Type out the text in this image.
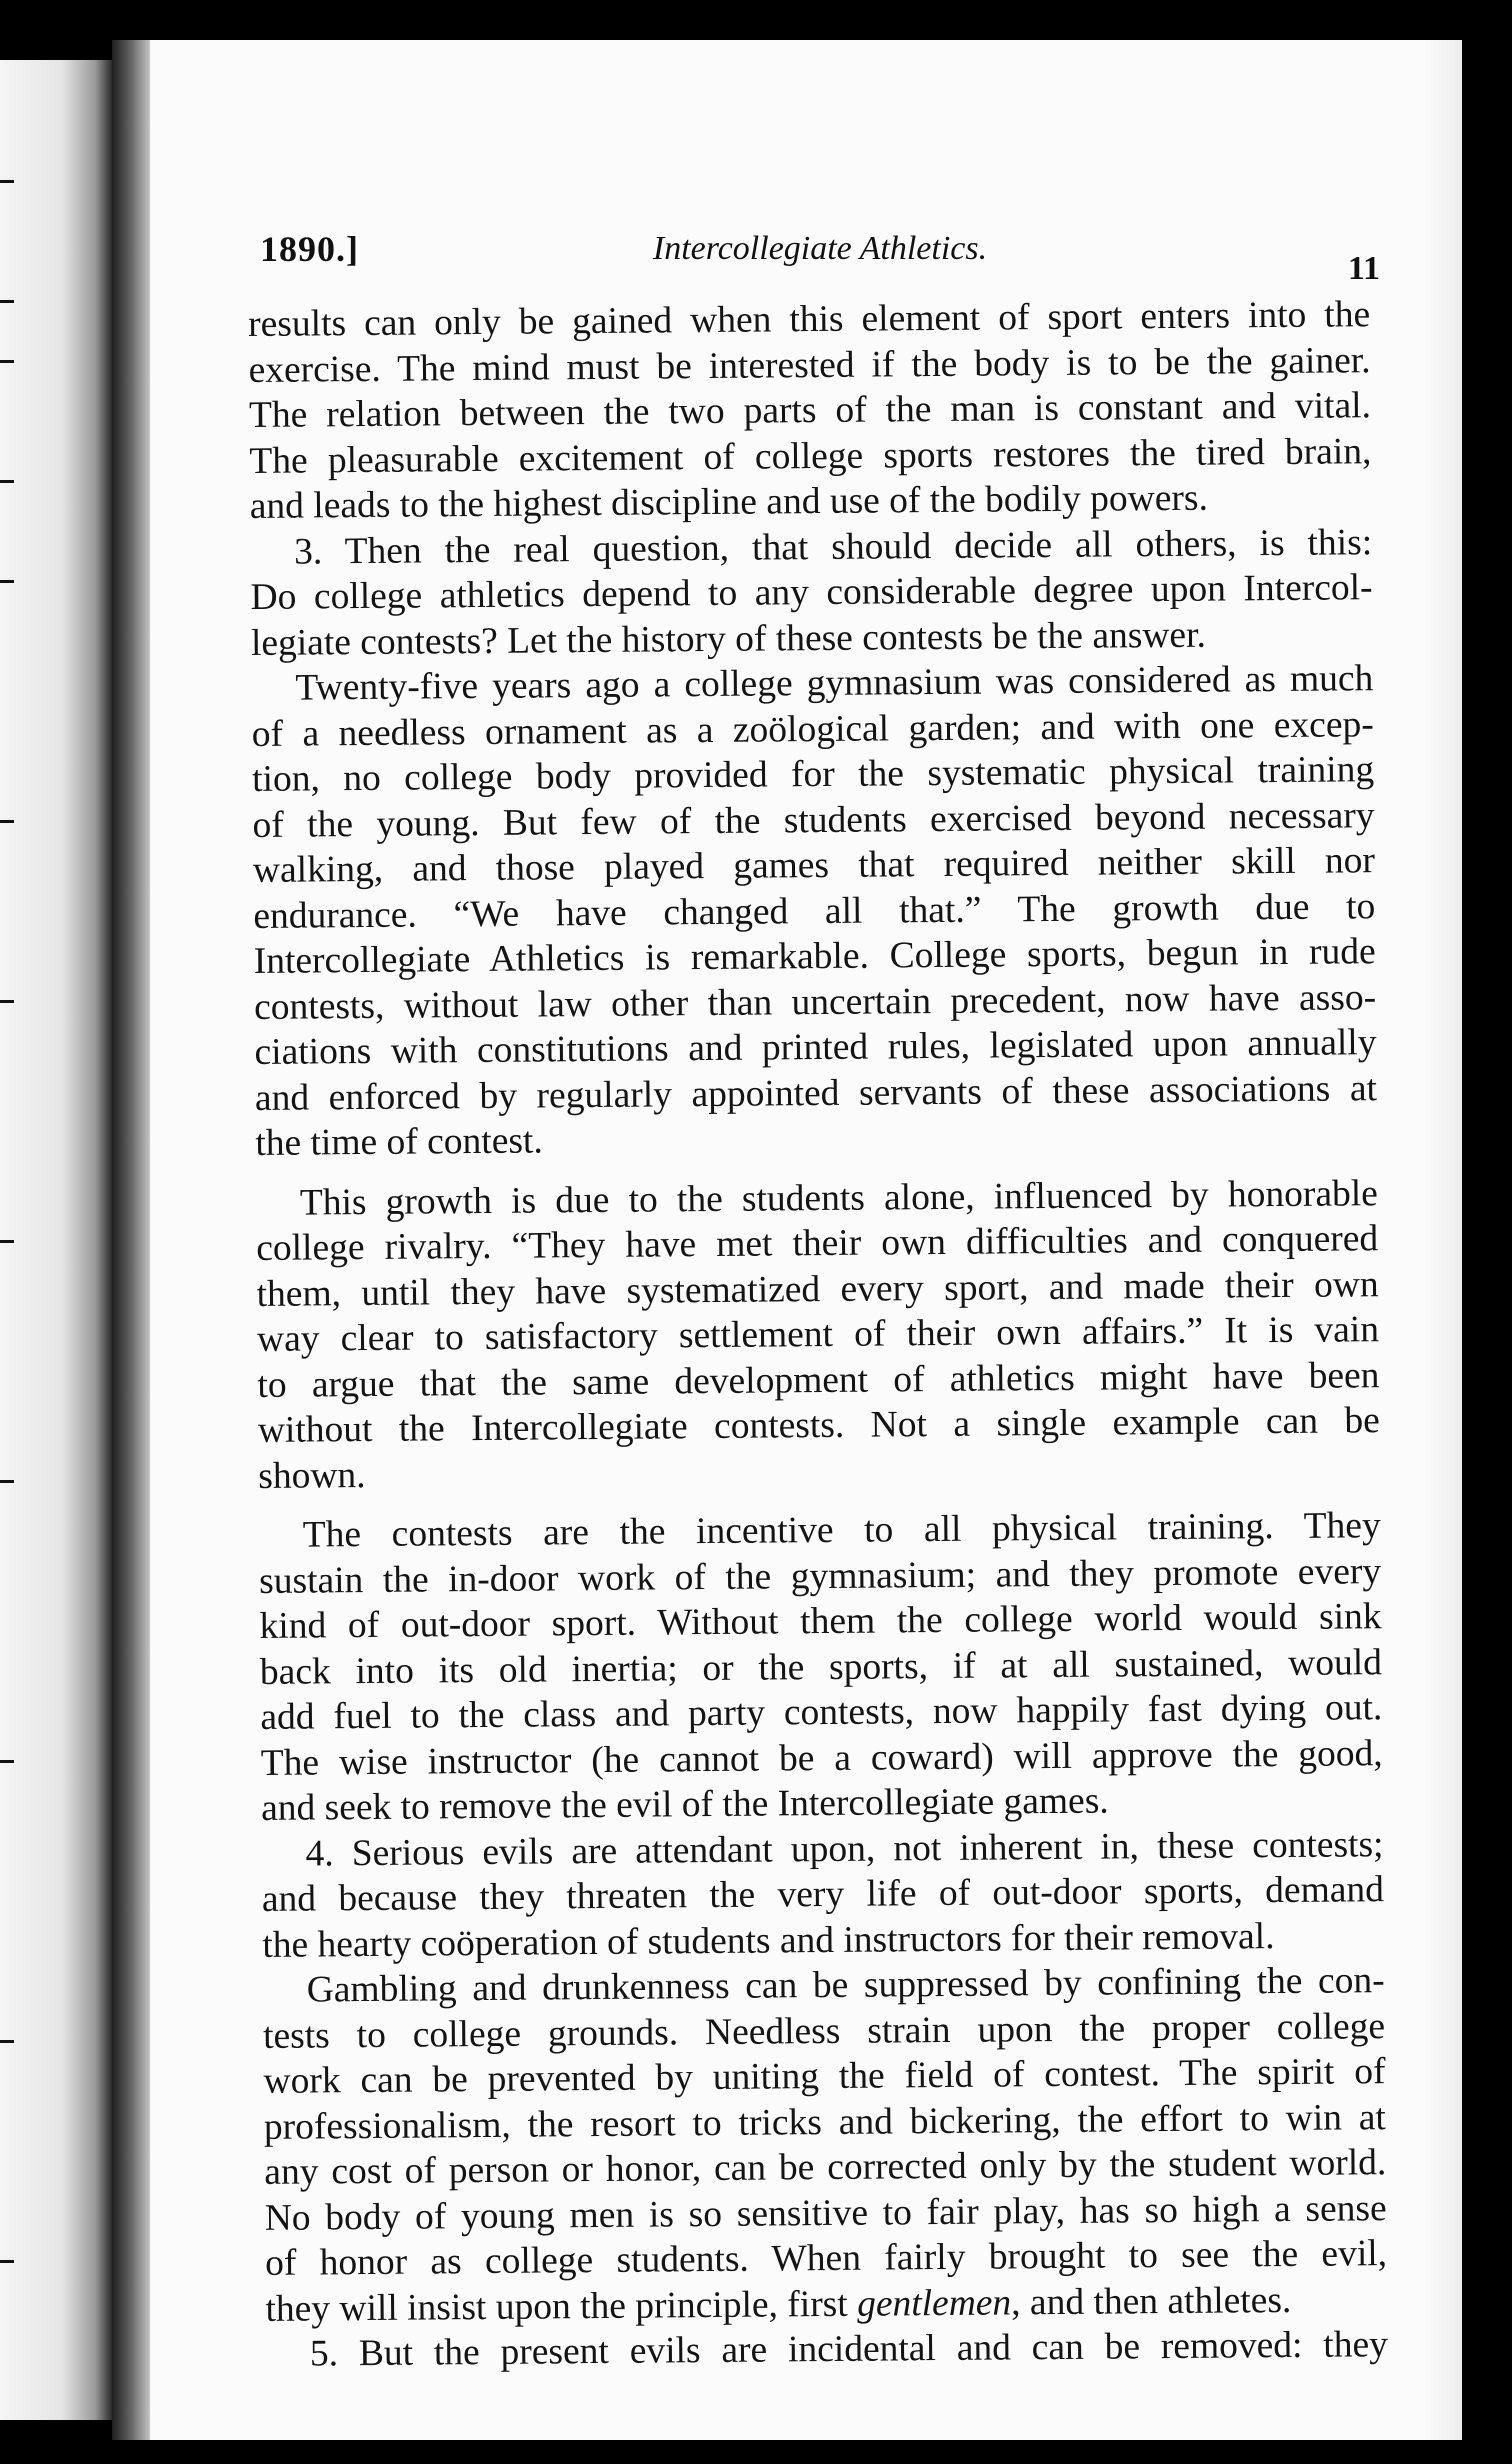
1890.]	Intercollegiate Athletics.
11
results can only be gained when this element of sport enters into the
exercise. The mind must be interested if the body is to be the gainer.
The relation between the two parts of the man is constant and vital.
The pleasurable excitement of college sports restores the tired brain,
and leads to the highest discipline and use of the bodily powers.
3. Then the real question, that should decide all others, is this:
Do college athletics depend to any considerable degree upon Intercol-
legiate contests? Let the history of these contests be the answer.
Twenty-five years ago a college gymnasium was considered as much
of a needless ornament as a zoölogical garden; and with one excep-
tion, no college body provided for the systematic physical training
of the young. But few of the students exercised beyond necessary
walking, and those played games that required neither skill nor
endurance. “We have changed all that.” The growth due to
Intercollegiate Athletics is remarkable. College sports, begun in rude
contests, without law other than uncertain precedent, now have asso-
ciations with constitutions and printed rules, legislated upon annually
and enforced by regularly appointed servants of these associations at
the time of contest.
This growth is due to the students alone, influenced by honorable
college rivalry. “They have met their own difficulties and conquered
them, until they have systematized every sport, and made their own
way clear to satisfactory settlement of their own affairs.” It is vain
to argue that the same development of athletics might have been
without the Intercollegiate contests. Not a single example can be
shown.
The contests are the incentive to all physical training. They
sustain the in-door work of the gymnasium; and they promote every
kind of out-door sport. Without them the college world would sink
back into its old inertia; or the sports, if at all sustained, would
add fuel to the class and party contests, now happily fast dying out.
The wise instructor (he cannot be a coward) will approve the good,
and seek to remove the evil of the Intercollegiate games.
4. Serious evils are attendant upon, not inherent in, these contests;
and because they threaten the very life of out-door sports, demand
the hearty coöperation of students and instructors for their removal.
Gambling and drunkenness can be suppressed by confining the con-
tests to college grounds. Needless strain upon the proper college
work can be prevented by uniting the field of contest. The spirit of
professionalism, the resort to tricks and bickering, the effort to win at
any cost of person or honor, can be corrected only by the student world.
No body of young men is so sensitive to fair play, has so high a sense
of honor as college students. When fairly brought to see the evil,
they will insist upon the principle, first gentlemen, and then athletes.
5. But the present evils are incidental and can be removed: they
